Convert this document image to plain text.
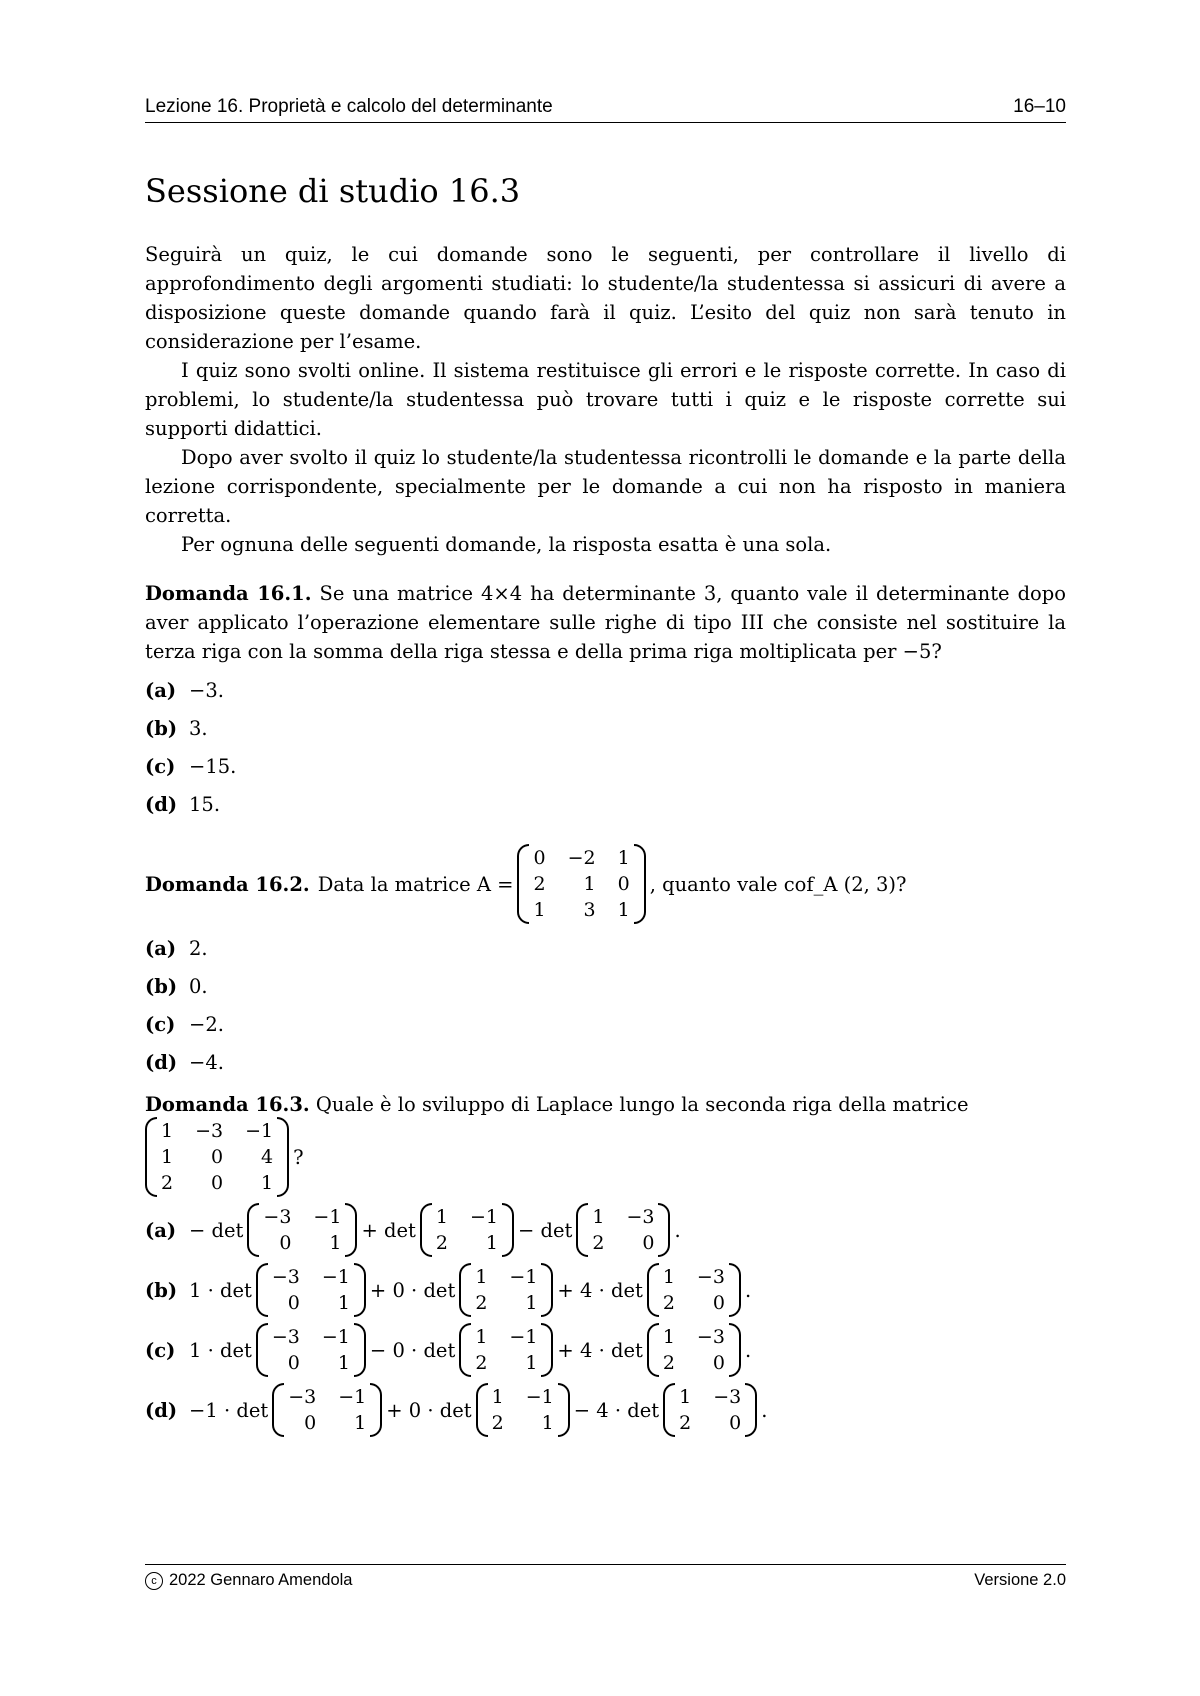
Lezione 16. Proprietà e calcolo del determinante	16–10
Sessione di studio 16.3

Seguirà un quiz, le cui domande sono le seguenti, per controllare il livello di approfondimento degli argomenti studiati: lo studente/la studentessa si assicuri di avere a disposizione queste domande quando farà il quiz. L’esito del quiz non sarà tenuto in considerazione per l’esame.

I quiz sono svolti online. Il sistema restituisce gli errori e le risposte corrette. In caso di problemi, lo studente/la studentessa può trovare tutti i quiz e le risposte corrette sui supporti didattici.

Dopo aver svolto il quiz lo studente/la studentessa ricontrolli le domande e la parte della lezione corrispondente, specialmente per le domande a cui non ha risposto in maniera corretta.

Per ognuna delle seguenti domande, la risposta esatta è una sola.

Domanda 16.1. Se una matrice 4×4 ha determinante 3, quanto vale il determinante dopo aver applicato l’operazione elementare sulle righe di tipo III che consiste nel sostituire la terza riga con la somma della riga stessa e della prima riga moltiplicata per −5?

(a) −3.
(b) 3.
(c) −15.
(d) 15.
Domanda 16.2. Data la matrice A =
0 −2 1
2	1 0
1	3 1
, quanto vale cof_A (2, 3)?
(a) 2.
(b) 0.
(c) −2.
(d) −4.

Domanda 16.3. Quale è lo sviluppo di Laplace lungo la seconda riga della matrice

1 −3 −1
1	0	4
2	0	1
?
(a) − det
−3 −1
0	1
+ det
1 −1
2	1
− det
1 −3
2	0
.
(b) 1 · det
−3 −1
0	1
+ 0 · det
1 −1
2	1
+ 4 · det
1 −3
2	0
.
(c) 1 · det
−3 −1
0	1
− 0 · det
1 −1
2	1
+ 4 · det
1 −3
2	0
.
(d) −1 · det
−3 −1
0	1
+ 0 · det
1 −1
2	1
− 4 · det
1 −3
2	0
.
c 2022 Gennaro Amendola	Versione 2.0
